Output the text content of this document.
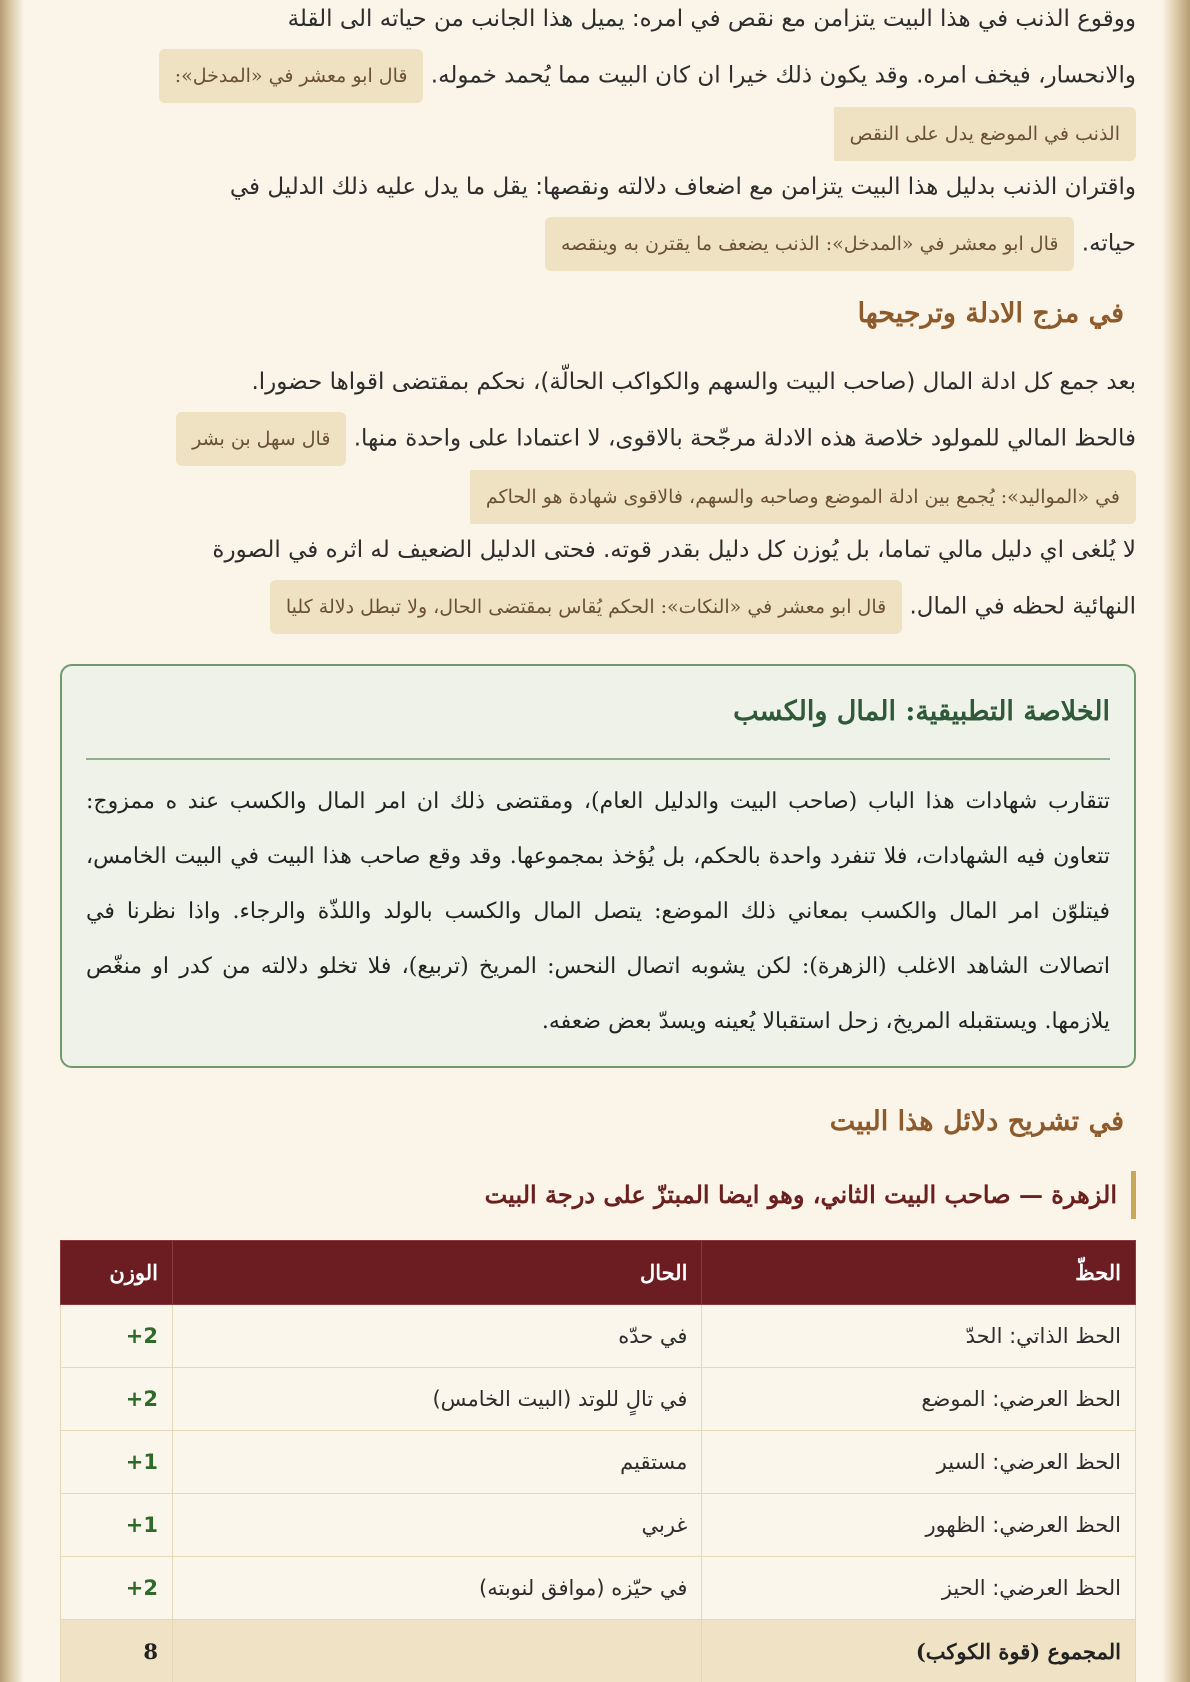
ووقوع الذنب في هذا البيت يتزامن مع نقص في امره: يميل هذا الجانب من حياته الى القلة

والانحسار، فيخف امره. وقد يكون ذلك خيرا ان كان البيت مما يُحمد خموله. قال ابو معشر في «المدخل»:

الذنب في الموضع يدل على النقص

واقتران الذنب بدليل هذا البيت يتزامن مع اضعاف دلالته ونقصها: يقل ما يدل عليه ذلك الدليل في

حياته. قال ابو معشر في «المدخل»: الذنب يضعف ما يقترن به وينقصه

في مزج الادلة وترجيحها

بعد جمع كل ادلة المال (صاحب البيت والسهم والكواكب الحالّة)، نحكم بمقتضى اقواها حضورا.

فالحظ المالي للمولود خلاصة هذه الادلة مرجّحة بالاقوى، لا اعتمادا على واحدة منها. قال سهل بن بشر

في «المواليد»: يُجمع بين ادلة الموضع وصاحبه والسهم، فالاقوى شهادة هو الحاكم

لا يُلغى اي دليل مالي تماما، بل يُوزن كل دليل بقدر قوته. فحتى الدليل الضعيف له اثره في الصورة

النهائية لحظه في المال. قال ابو معشر في «النكات»: الحكم يُقاس بمقتضى الحال، ولا تبطل دلالة كليا

الخلاصة التطبيقية: المال والكسب

تتقارب شهادات هذا الباب (صاحب البيت والدليل العام)، ومقتضى ذلك ان امر المال والكسب عند ه ممزوج: تتعاون فيه الشهادات، فلا تنفرد واحدة بالحكم، بل يُؤخذ بمجموعها. وقد وقع صاحب هذا البيت في البيت الخامس، فيتلوّن امر المال والكسب بمعاني ذلك الموضع: يتصل المال والكسب بالولد واللذّة والرجاء. واذا نظرنا في اتصالات الشاهد الاغلب (الزهرة): لكن يشوبه اتصال النحس: المريخ (تربيع)، فلا تخلو دلالته من كدر او منغّص يلازمها. ويستقبله المريخ، زحل استقبالا يُعينه ويسدّ بعض ضعفه.

في تشريح دلائل هذا البيت
الزهرة — صاحب البيت الثاني، وهو ايضا المبتزّ على درجة البيت
الحظّ	الحال	الوزن
الحظ الذاتي: الحدّ	في حدّه	+2
الحظ العرضي: الموضع	في تالٍ للوتد (البيت الخامس)	+2
الحظ العرضي: السير	مستقيم	+1
الحظ العرضي: الظهور	غربي	+1
الحظ العرضي: الحيز	في حيّزه (موافق لنوبته)	+2
المجموع (قوة الكوكب)		8
